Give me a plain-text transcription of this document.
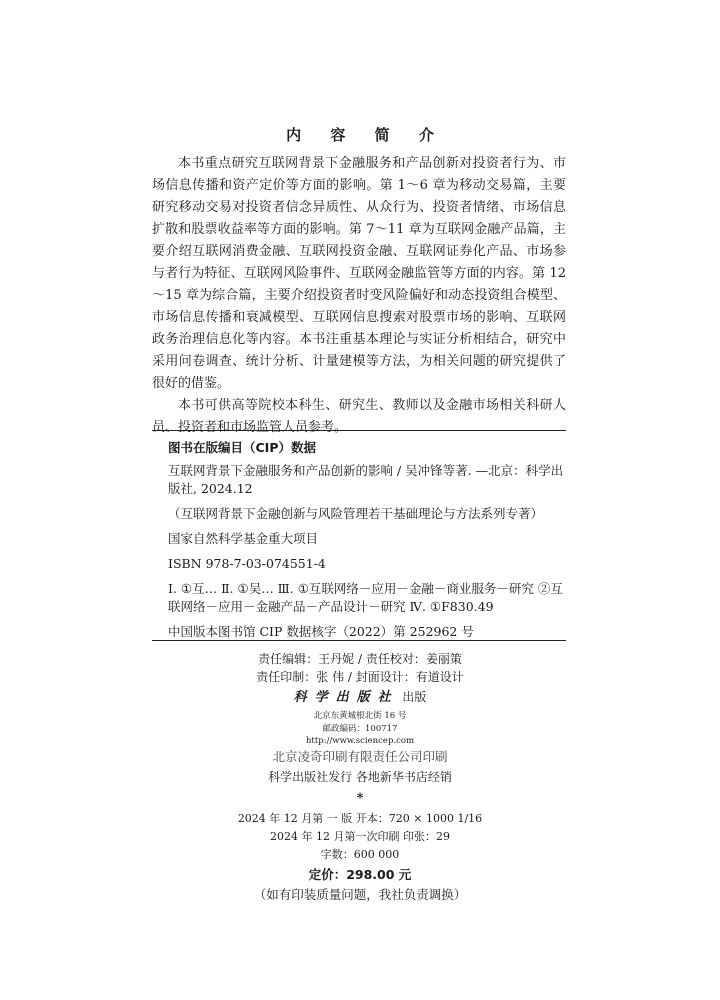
内 容 简 介

本书重点研究互联网背景下金融服务和产品创新对投资者行为、市场信息传播和资产定价等方面的影响。第 1～6 章为移动交易篇，主要研究移动交易对投资者信念异质性、从众行为、投资者情绪、市场信息扩散和股票收益率等方面的影响。第 7～11 章为互联网金融产品篇，主要介绍互联网消费金融、互联网投资金融、互联网证券化产品、市场参与者行为特征、互联网风险事件、互联网金融监管等方面的内容。第 12～15 章为综合篇，主要介绍投资者时变风险偏好和动态投资组合模型、市场信息传播和衰减模型、互联网信息搜索对股票市场的影响、互联网政务治理信息化等内容。本书注重基本理论与实证分析相结合，研究中采用问卷调查、统计分析、计量建模等方法，为相关问题的研究提供了很好的借鉴。

本书可供高等院校本科生、研究生、教师以及金融市场相关科研人员、投资者和市场监管人员参考。

图书在版编目（CIP）数据

互联网背景下金融服务和产品创新的影响 / 吴冲锋等著. —北京：科学出版社, 2024.12

（互联网背景下金融创新与风险管理若干基础理论与方法系列专著）

国家自然科学基金重大项目

ISBN 978-7-03-074551-4

Ⅰ. ①互… Ⅱ. ①吴… Ⅲ. ①互联网络－应用－金融－商业服务－研究 ②互联网络－应用－金融产品－产品设计－研究 Ⅳ. ①F830.49

中国版本图书馆 CIP 数据核字（2022）第 252962 号

责任编辑：王丹妮 / 责任校对：姜丽策

责任印制：张 伟 / 封面设计：有道设计

科学出版社 出版

北京东黄城根北街 16 号

邮政编码：100717

http://www.sciencep.com

北京凌奇印刷有限责任公司印刷

科学出版社发行 各地新华书店经销

*

2024 年 12 月第 一 版 开本：720 × 1000 1/16

2024 年 12 月第一次印刷 印张：29

字数：600 000

定价：298.00 元

（如有印装质量问题，我社负责调换）
